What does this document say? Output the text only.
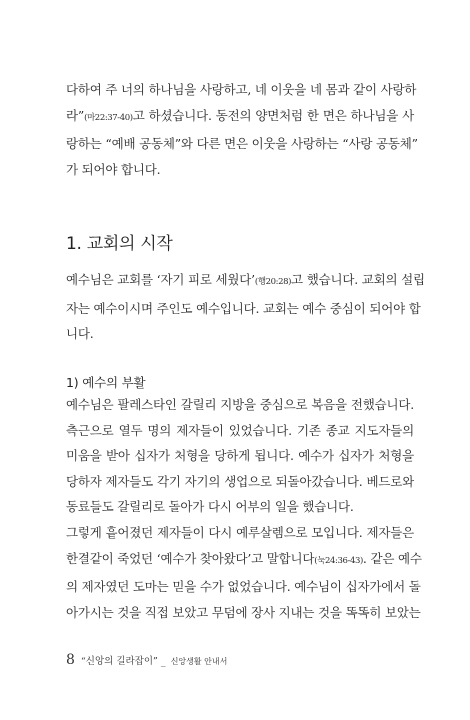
다하여 주 너의 하나님을 사랑하고, 네 이웃을 네 몸과 같이 사랑하
라”(마22:37-40)고 하셨습니다. 동전의 양면처럼 한 면은 하나님을 사
랑하는 “예배 공동체”와 다른 면은 이웃을 사랑하는 “사랑 공동체”
가 되어야 합니다.
1. 교회의 시작
예수님은 교회를 ‘자기 피로 세웠다’(행20:28)고 했습니다. 교회의 설립
자는 예수이시며 주인도 예수입니다. 교회는 예수 중심이 되어야 합
니다.
1) 예수의 부활
예수님은 팔레스타인 갈릴리 지방을 중심으로 복음을 전했습니다.
측근으로 열두 명의 제자들이 있었습니다. 기존 종교 지도자들의
미움을 받아 십자가 처형을 당하게 됩니다. 예수가 십자가 처형을
당하자 제자들도 각기 자기의 생업으로 되돌아갔습니다. 베드로와
동료들도 갈릴리로 돌아가 다시 어부의 일을 했습니다.
그렇게 흩어졌던 제자들이 다시 예루살렘으로 모입니다. 제자들은
한결같이 죽었던 ‘예수가 찾아왔다’고 말합니다(눅24:36-43). 같은 예수
의 제자였던 도마는 믿을 수가 없었습니다. 예수님이 십자가에서 돌
아가시는 것을 직접 보았고 무덤에 장사 지내는 것을 똑똑히 보았는
8 “신앙의 길라잡이” _ 신앙생활 안내서
